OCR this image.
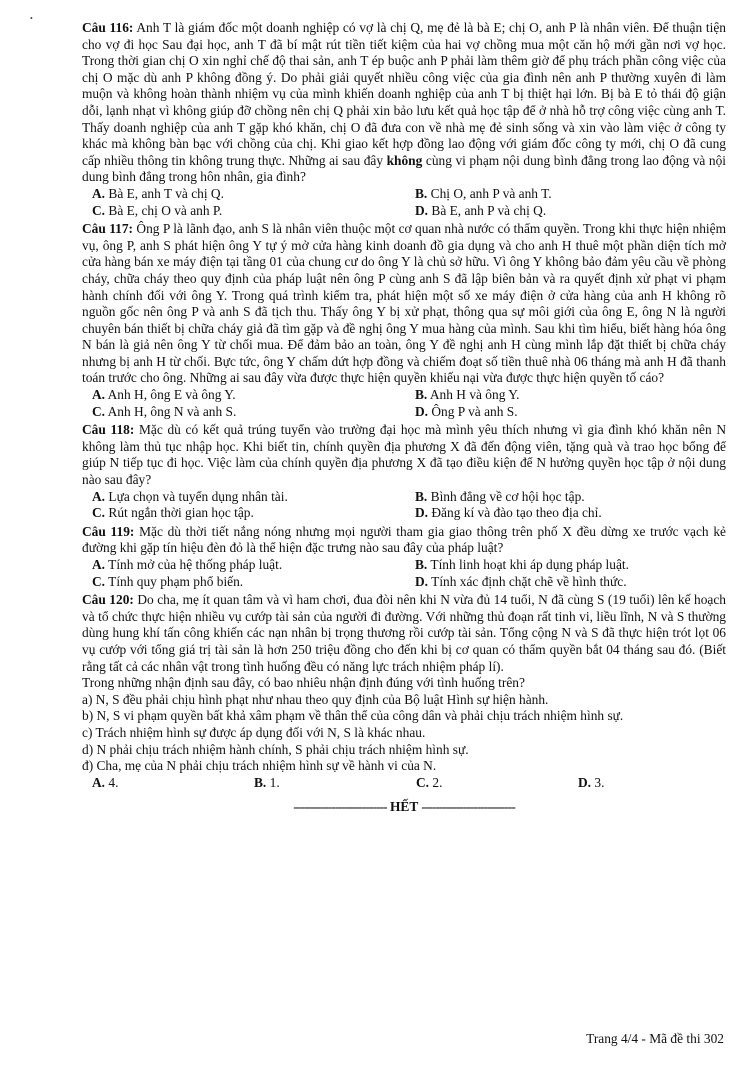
•

Câu 116: Anh T là giám đốc một doanh nghiệp có vợ là chị Q, mẹ đẻ là bà E; chị O, anh P là nhân viên. Để thuận tiện cho vợ đi học Sau đại học, anh T đã bí mật rút tiền tiết kiệm của hai vợ chồng mua một căn hộ mới gần nơi vợ học. Trong thời gian chị O xin nghỉ chế độ thai sản, anh T ép buộc anh P phải làm thêm giờ để phụ trách phần công việc của chị O mặc dù anh P không đồng ý. Do phải giải quyết nhiều công việc của gia đình nên anh P thường xuyên đi làm muộn và không hoàn thành nhiệm vụ của mình khiến doanh nghiệp của anh T bị thiệt hại lớn. Bị bà E tỏ thái độ giận dỗi, lạnh nhạt vì không giúp đỡ chồng nên chị Q phải xin bảo lưu kết quả học tập để ở nhà hỗ trợ công việc cùng anh T. Thấy doanh nghiệp của anh T gặp khó khăn, chị O đã đưa con về nhà mẹ đẻ sinh sống và xin vào làm việc ở công ty khác mà không bàn bạc với chồng của chị. Khi giao kết hợp đồng lao động với giám đốc công ty mới, chị O đã cung cấp nhiều thông tin không trung thực. Những ai sau đây không cùng vi phạm nội dung bình đẳng trong lao động và nội dung bình đẳng trong hôn nhân, gia đình?

A. Bà E, anh T và chị Q.	B. Chị O, anh P và anh T.
C. Bà E, chị O và anh P.	D. Bà E, anh P và chị Q.

Câu 117: Ông P là lãnh đạo, anh S là nhân viên thuộc một cơ quan nhà nước có thẩm quyền. Trong khi thực hiện nhiệm vụ, ông P, anh S phát hiện ông Y tự ý mở cửa hàng kinh doanh đồ gia dụng và cho anh H thuê một phần diện tích mở cửa hàng bán xe máy điện tại tầng 01 của chung cư do ông Y là chủ sở hữu. Vì ông Y không bảo đảm yêu cầu về phòng cháy, chữa cháy theo quy định của pháp luật nên ông P cùng anh S đã lập biên bản và ra quyết định xử phạt vi phạm hành chính đối với ông Y. Trong quá trình kiểm tra, phát hiện một số xe máy điện ở cửa hàng của anh H không rõ nguồn gốc nên ông P và anh S đã tịch thu. Thấy ông Y bị xử phạt, thông qua sự môi giới của ông E, ông N là người chuyên bán thiết bị chữa cháy giả đã tìm gặp và đề nghị ông Y mua hàng của mình. Sau khi tìm hiểu, biết hàng hóa ông N bán là giả nên ông Y từ chối mua. Để đảm bảo an toàn, ông Y đề nghị anh H cùng mình lắp đặt thiết bị chữa cháy nhưng bị anh H từ chối. Bực tức, ông Y chấm dứt hợp đồng và chiếm đoạt số tiền thuê nhà 06 tháng mà anh H đã thanh toán trước cho ông. Những ai sau đây vừa được thực hiện quyền khiếu nại vừa được thực hiện quyền tố cáo?

A. Anh H, ông E và ông Y.	B. Anh H và ông Y.
C. Anh H, ông N và anh S.	D. Ông P và anh S.

Câu 118: Mặc dù có kết quả trúng tuyển vào trường đại học mà mình yêu thích nhưng vì gia đình khó khăn nên N không làm thủ tục nhập học. Khi biết tin, chính quyền địa phương X đã đến động viên, tặng quà và trao học bổng để giúp N tiếp tục đi học. Việc làm của chính quyền địa phương X đã tạo điều kiện để N hưởng quyền học tập ở nội dung nào sau đây?

A. Lựa chọn và tuyển dụng nhân tài.	B. Bình đẳng về cơ hội học tập.
C. Rút ngắn thời gian học tập.	D. Đăng kí và đào tạo theo địa chỉ.

Câu 119: Mặc dù thời tiết nắng nóng nhưng mọi người tham gia giao thông trên phố X đều dừng xe trước vạch kẻ đường khi gặp tín hiệu đèn đỏ là thể hiện đặc trưng nào sau đây của pháp luật?

A. Tính mở của hệ thống pháp luật.	B. Tính linh hoạt khi áp dụng pháp luật.
C. Tính quy phạm phổ biến.	D. Tính xác định chặt chẽ về hình thức.

Câu 120: Do cha, mẹ ít quan tâm và vì ham chơi, đua đòi nên khi N vừa đủ 14 tuổi, N đã cùng S (19 tuổi) lên kế hoạch và tổ chức thực hiện nhiều vụ cướp tài sản của người đi đường. Với những thủ đoạn rất tinh vi, liều lĩnh, N và S thường dùng hung khí tấn công khiến các nạn nhân bị trọng thương rồi cướp tài sản. Tổng cộng N và S đã thực hiện trót lọt 06 vụ cướp với tổng giá trị tài sản là hơn 250 triệu đồng cho đến khi bị cơ quan có thẩm quyền bắt 04 tháng sau đó. (Biết rằng tất cả các nhân vật trong tình huống đều có năng lực trách nhiệm pháp lí).

Trong những nhận định sau đây, có bao nhiêu nhận định đúng với tình huống trên?

a) N, S đều phải chịu hình phạt như nhau theo quy định của Bộ luật Hình sự hiện hành.

b) N, S vi phạm quyền bất khả xâm phạm về thân thể của công dân và phải chịu trách nhiệm hình sự.

c) Trách nhiệm hình sự được áp dụng đối với N, S là khác nhau.

d) N phải chịu trách nhiệm hành chính, S phải chịu trách nhiệm hình sự.

đ) Cha, mẹ của N phải chịu trách nhiệm hình sự về hành vi của N.

A. 4.	B. 1.	C. 2.	D. 3.
--------------------------- HẾT ---------------------------
Trang 4/4 - Mã đề thi 302
